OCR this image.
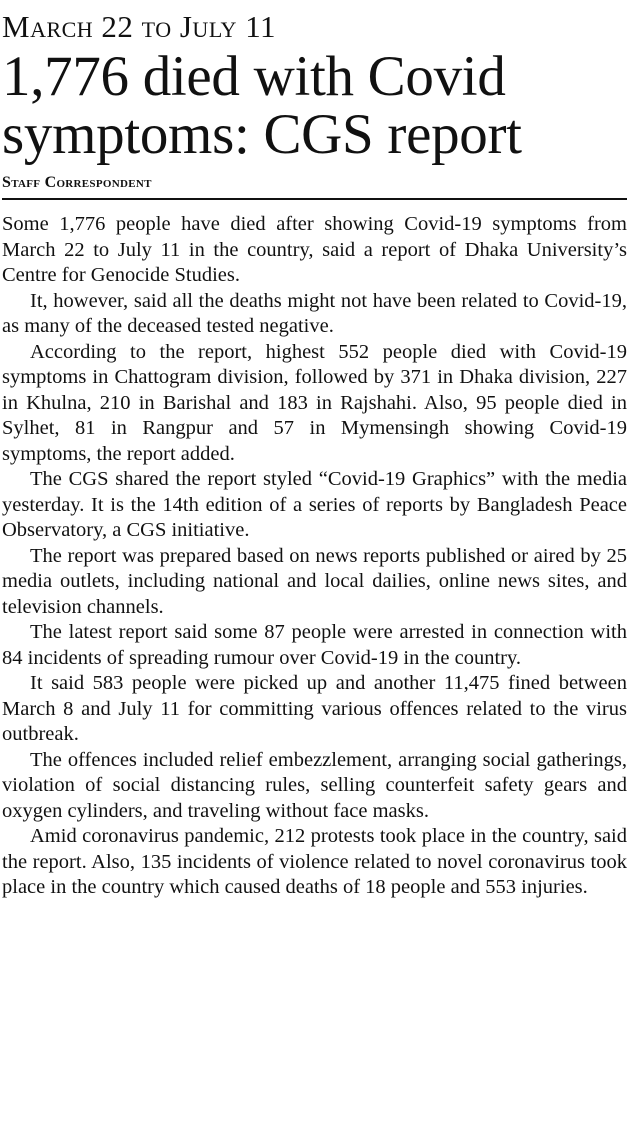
March 22 to July 11
1,776 died with Covid
symptoms: CGS report
Staff Correspondent

Some 1,776 people have died after showing Covid-19 symptoms from March 22 to July 11 in the country, said a report of Dhaka University’s Centre for Genocide Studies.

It, however, said all the deaths might not have been related to Covid-19, as many of the deceased tested negative.

According to the report, highest 552 people died with Covid-19 symptoms in Chattogram division, followed by 371 in Dhaka division, 227 in Khulna, 210 in Barishal and 183 in Rajshahi. Also, 95 people died in Sylhet, 81 in Rangpur and 57 in Mymensingh showing Covid-19 symptoms, the report added.

The CGS shared the report styled “Covid-19 Graphics” with the media yesterday. It is the 14th edition of a series of reports by Bangladesh Peace Observatory, a CGS initiative.

The report was prepared based on news reports published or aired by 25 media outlets, including national and local dailies, online news sites, and television channels.

The latest report said some 87 people were arrested in connection with 84 incidents of spreading rumour over Covid-19 in the country.

It said 583 people were picked up and another 11,475 fined between March 8 and July 11 for committing various offences related to the virus outbreak.

The offences included relief embezzlement, arranging social gatherings, violation of social distancing rules, selling counterfeit safety gears and oxygen cylinders, and traveling without face masks.

Amid coronavirus pandemic, 212 protests took place in the country, said the report. Also, 135 incidents of violence related to novel coronavirus took place in the country which caused deaths of 18 people and 553 injuries.
